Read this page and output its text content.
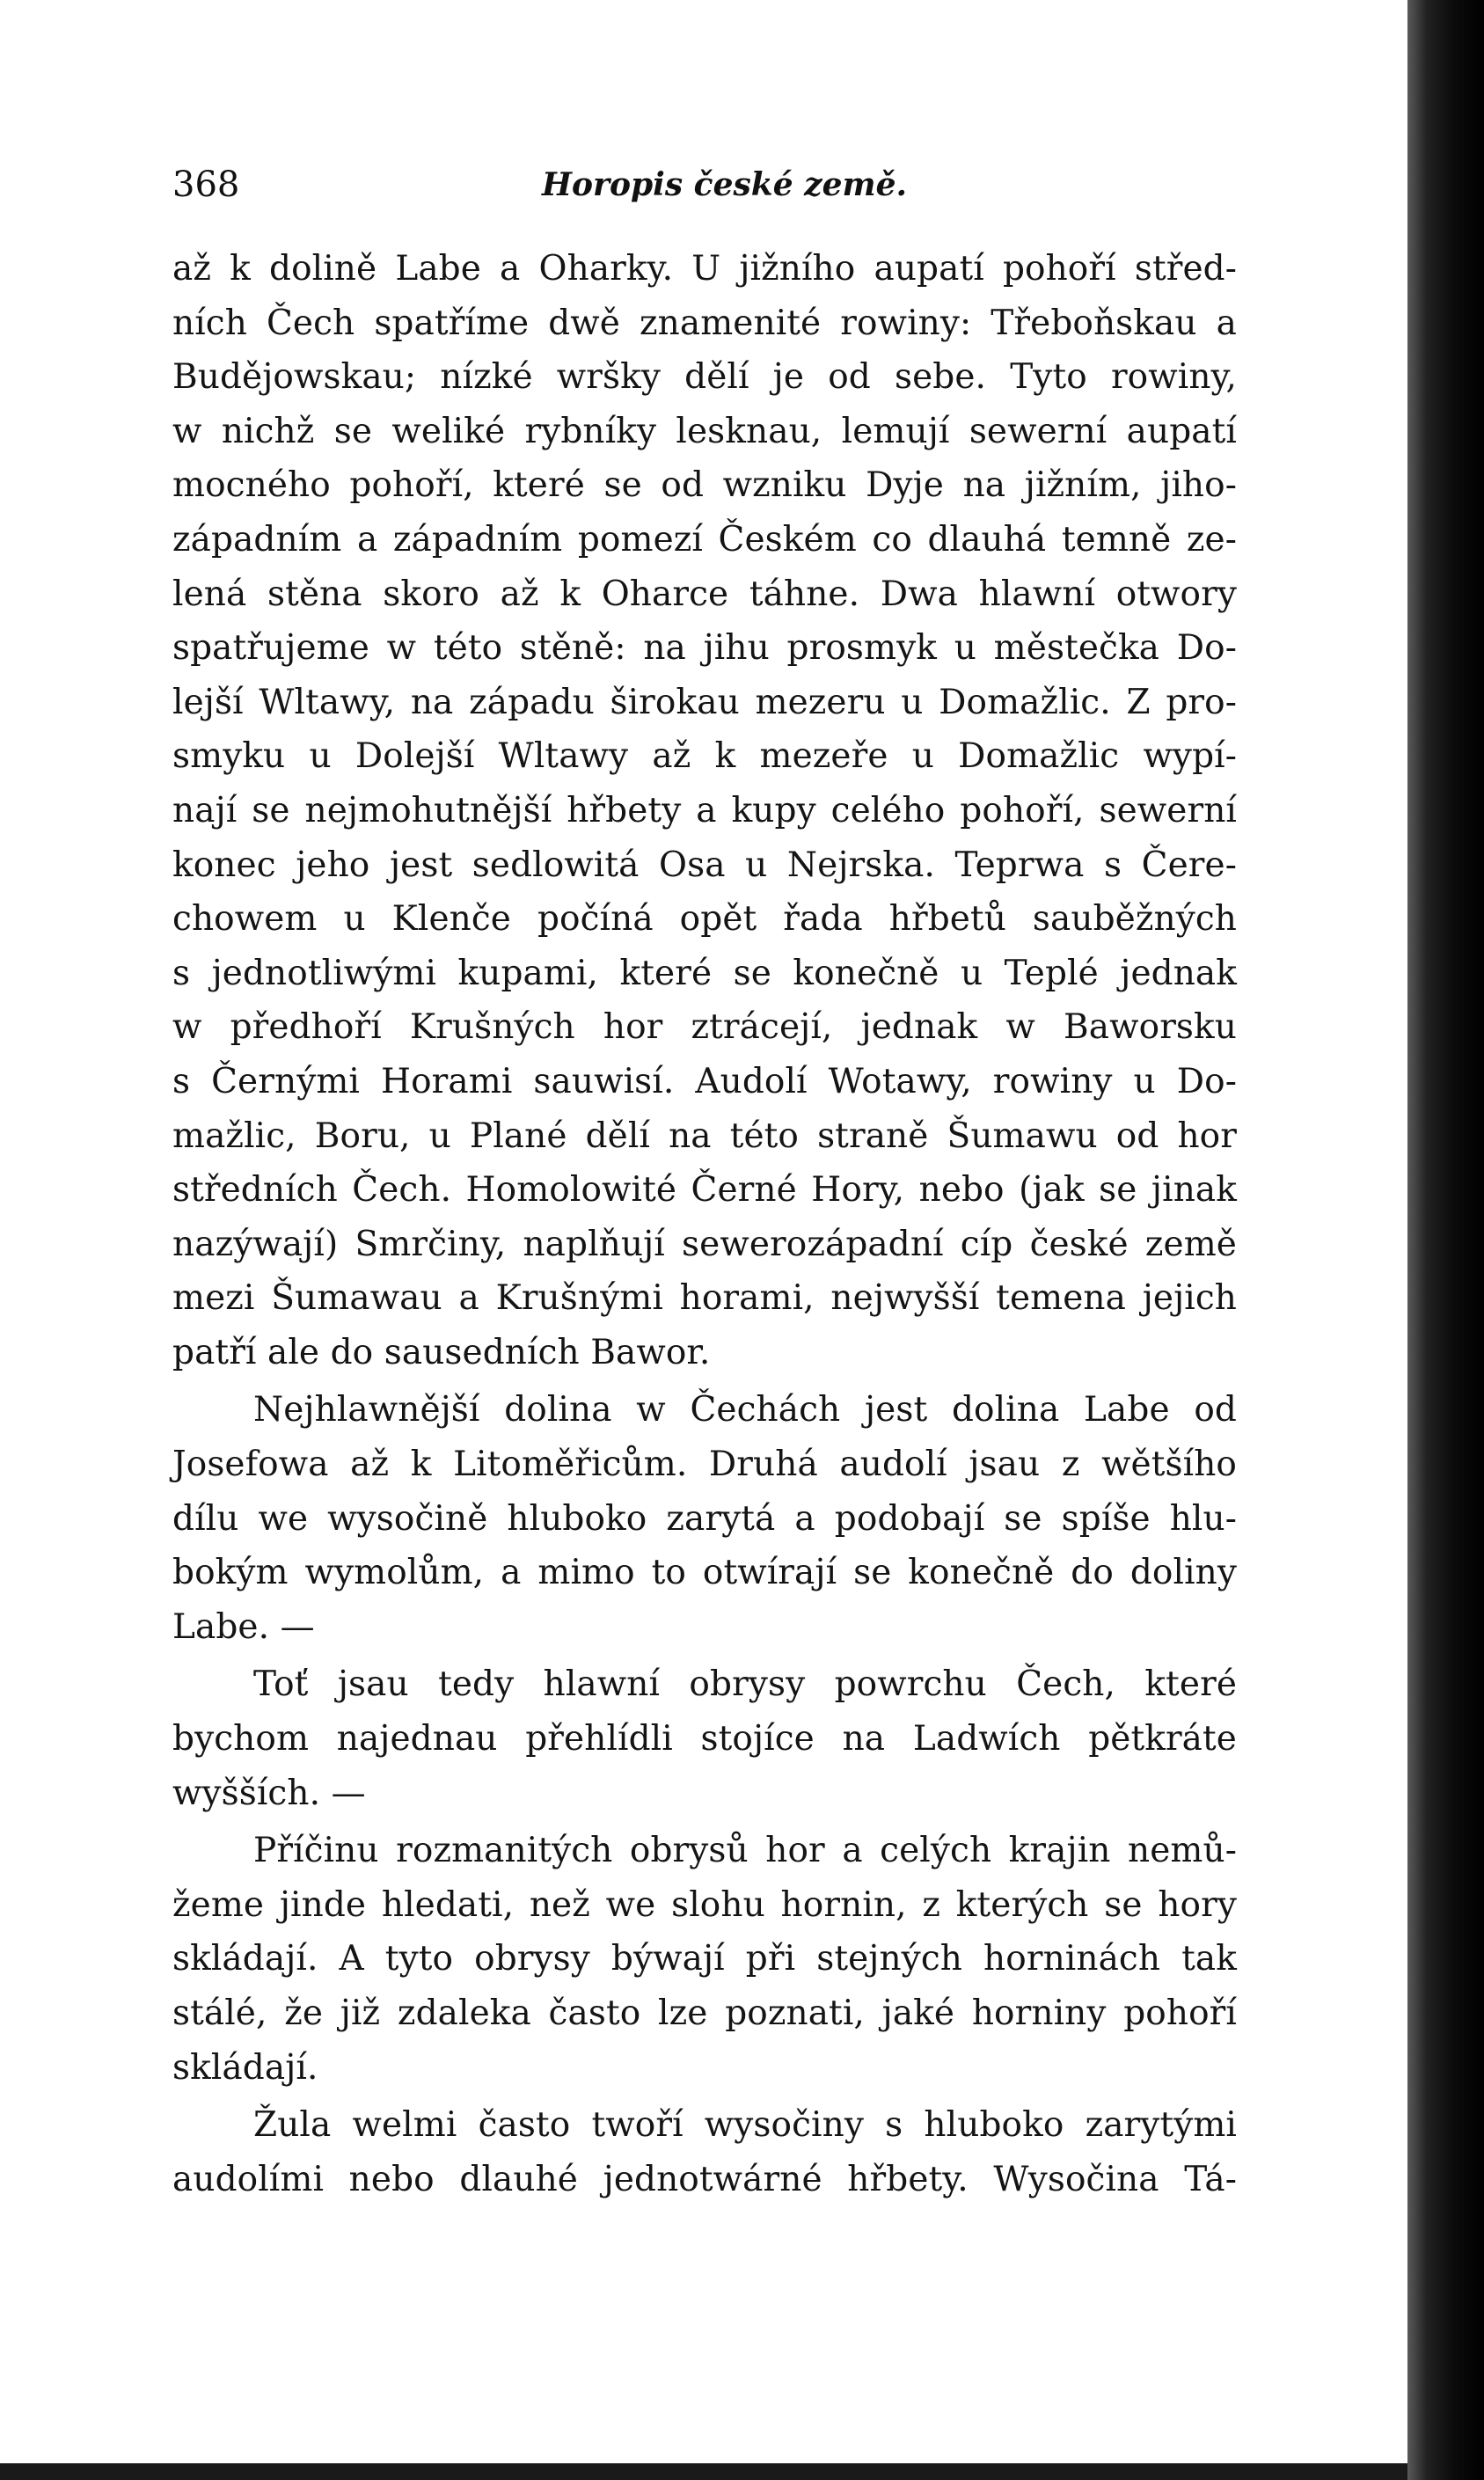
368	Horopis české země.

až k dolině Labe a Oharky. U jižního aupatí pohoří střed-

ních Čech spatříme dwě znamenité rowiny: Třeboňskau a

Budějowskau; nízké wršky dělí je od sebe. Tyto rowiny,

w nichž se weliké rybníky lesknau, lemují sewerní aupatí

mocného pohoří, které se od wzniku Dyje na jižním, jiho-

západním a západním pomezí Českém co dlauhá temně ze-

lená stěna skoro až k Oharce táhne. Dwa hlawní otwory

spatřujeme w této stěně: na jihu prosmyk u městečka Do-

lejší Wltawy, na západu širokau mezeru u Domažlic. Z pro-

smyku u Dolejší Wltawy až k mezeře u Domažlic wypí-

nají se nejmohutnější hřbety a kupy celého pohoří, sewerní

konec jeho jest sedlowitá Osa u Nejrska. Teprwa s Čere-

chowem u Klenče počíná opět řada hřbetů sauběžných

s jednotliwými kupami, které se konečně u Teplé jednak

w předhoří Krušných hor ztrácejí, jednak w Baworsku

s Černými Horami sauwisí. Audolí Wotawy, rowiny u Do-

mažlic, Boru, u Plané dělí na této straně Šumawu od hor

středních Čech. Homolowité Černé Hory, nebo (jak se jinak

nazýwají) Smrčiny, naplňují sewerozápadní cíp české země

mezi Šumawau a Krušnými horami, nejwyšší temena jejich

patří ale do sausedních Bawor.

Nejhlawnější dolina w Čechách jest dolina Labe od

Josefowa až k Litoměřicům. Druhá audolí jsau z wětšího

dílu we wysočině hluboko zarytá a podobají se spíše hlu-

bokým wymolům, a mimo to otwírají se konečně do doliny

Labe. —

Toť jsau tedy hlawní obrysy powrchu Čech, které

bychom najednau přehlídli stojíce na Ladwích pětkráte

wyšších. —

Příčinu rozmanitých obrysů hor a celých krajin nemů-

žeme jinde hledati, než we slohu hornin, z kterých se hory

skládají. A tyto obrysy býwají při stejných horninách tak

stálé, že již zdaleka často lze poznati, jaké horniny pohoří

skládají.

Žula welmi často twoří wysočiny s hluboko zarytými

audolími nebo dlauhé jednotwárné hřbety. Wysočina Tá-
